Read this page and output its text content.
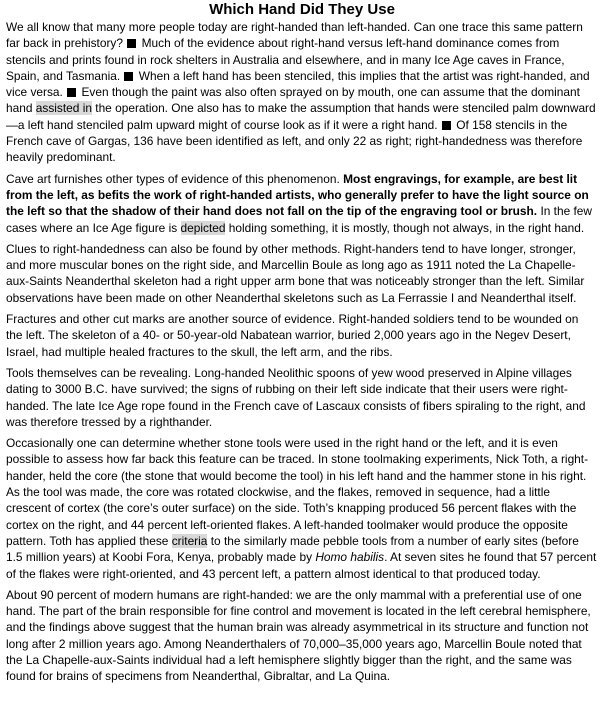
Which Hand Did They Use

We all know that many more people today are right-handed than left-handed. Can one trace this same pattern far back in prehistory? Much of the evidence about right-hand versus left-hand dominance comes from stencils and prints found in rock shelters in Australia and elsewhere, and in many Ice Age caves in France, Spain, and Tasmania. When a left hand has been stenciled, this implies that the artist was right-handed, and vice versa. Even though the paint was also often sprayed on by mouth, one can assume that the dominant hand assisted in the operation. One also has to make the assumption that hands were stenciled palm downward—a left hand stenciled palm upward might of course look as if it were a right hand. Of 158 stencils in the French cave of Gargas, 136 have been identified as left, and only 22 as right; right-handedness was therefore heavily predominant.

Cave art furnishes other types of evidence of this phenomenon. Most engravings, for example, are best lit from the left, as befits the work of right-handed artists, who generally prefer to have the light source on the left so that the shadow of their hand does not fall on the tip of the engraving tool or brush. In the few cases where an Ice Age figure is depicted holding something, it is mostly, though not always, in the right hand.

Clues to right-handedness can also be found by other methods. Right-handers tend to have longer, stronger, and more muscular bones on the right side, and Marcellin Boule as long ago as 1911 noted the La Chapelle-aux-Saints Neanderthal skeleton had a right upper arm bone that was noticeably stronger than the left. Similar observations have been made on other Neanderthal skeletons such as La Ferrassie I and Neanderthal itself.

Fractures and other cut marks are another source of evidence. Right-handed soldiers tend to be wounded on the left. The skeleton of a 40- or 50-year-old Nabatean warrior, buried 2,000 years ago in the Negev Desert, Israel, had multiple healed fractures to the skull, the left arm, and the ribs.

Tools themselves can be revealing. Long-handed Neolithic spoons of yew wood preserved in Alpine villages dating to 3000 B.C. have survived; the signs of rubbing on their left side indicate that their users were right-handed. The late Ice Age rope found in the French cave of Lascaux consists of fibers spiraling to the right, and was therefore tressed by a righthander.

Occasionally one can determine whether stone tools were used in the right hand or the left, and it is even possible to assess how far back this feature can be traced. In stone toolmaking experiments, Nick Toth, a right-hander, held the core (the stone that would become the tool) in his left hand and the hammer stone in his right. As the tool was made, the core was rotated clockwise, and the flakes, removed in sequence, had a little crescent of cortex (the core’s outer surface) on the side. Toth’s knapping produced 56 percent flakes with the cortex on the right, and 44 percent left-oriented flakes. A left-handed toolmaker would produce the opposite pattern. Toth has applied these criteria to the similarly made pebble tools from a number of early sites (before 1.5 million years) at Koobi Fora, Kenya, probably made by Homo habilis. At seven sites he found that 57 percent of the flakes were right-oriented, and 43 percent left, a pattern almost identical to that produced today.

About 90 percent of modern humans are right-handed: we are the only mammal with a preferential use of one hand. The part of the brain responsible for fine control and movement is located in the left cerebral hemisphere, and the findings above suggest that the human brain was already asymmetrical in its structure and function not long after 2 million years ago. Among Neanderthalers of 70,000–35,000 years ago, Marcellin Boule noted that the La Chapelle-aux-Saints individual had a left hemisphere slightly bigger than the right, and the same was found for brains of specimens from Neanderthal, Gibraltar, and La Quina.
